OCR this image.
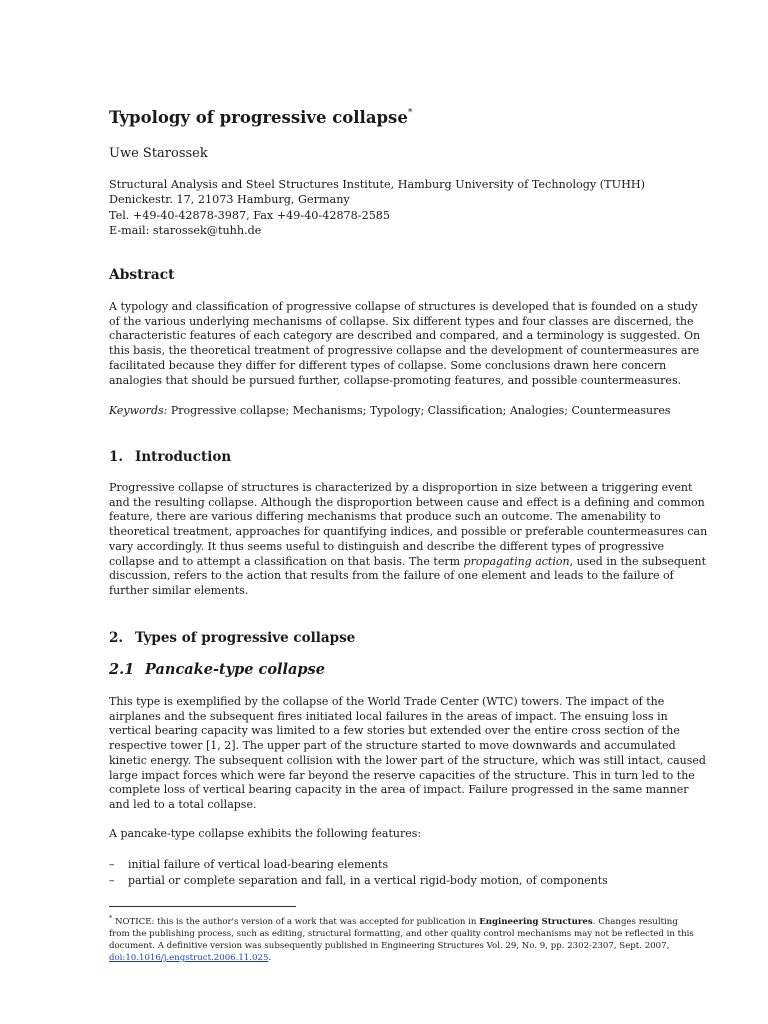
Typology of progressive collapse*
Uwe Starossek
Structural Analysis and Steel Structures Institute, Hamburg University of Technology (TUHH)
Denickestr. 17, 21073 Hamburg, Germany
Tel. +49-40-42878-3987, Fax +49-40-42878-2585
E-mail: starossek@tuhh.de
Abstract
A typology and classification of progressive collapse of structures is developed that is founded on a study
of the various underlying mechanisms of collapse. Six different types and four classes are discerned, the
characteristic features of each category are described and compared, and a terminology is suggested. On
this basis, the theoretical treatment of progressive collapse and the development of countermeasures are
facilitated because they differ for different types of collapse. Some conclusions drawn here concern
analogies that should be pursued further, collapse-promoting features, and possible countermeasures.
Keywords: Progressive collapse; Mechanisms; Typology; Classification; Analogies; Countermeasures
1. Introduction
Progressive collapse of structures is characterized by a disproportion in size between a triggering event
and the resulting collapse. Although the disproportion between cause and effect is a defining and common
feature, there are various differing mechanisms that produce such an outcome. The amenability to
theoretical treatment, approaches for quantifying indices, and possible or preferable countermeasures can
vary accordingly. It thus seems useful to distinguish and describe the different types of progressive
collapse and to attempt a classification on that basis. The term propagating action, used in the subsequent
discussion, refers to the action that results from the failure of one element and leads to the failure of
further similar elements.
2. Types of progressive collapse
2.1 Pancake-type collapse
This type is exemplified by the collapse of the World Trade Center (WTC) towers. The impact of the
airplanes and the subsequent fires initiated local failures in the areas of impact. The ensuing loss in
vertical bearing capacity was limited to a few stories but extended over the entire cross section of the
respective tower [1, 2]. The upper part of the structure started to move downwards and accumulated
kinetic energy. The subsequent collision with the lower part of the structure, which was still intact, caused
large impact forces which were far beyond the reserve capacities of the structure. This in turn led to the
complete loss of vertical bearing capacity in the area of impact. Failure progressed in the same manner
and led to a total collapse.
A pancake-type collapse exhibits the following features:
– initial failure of vertical load-bearing elements
– partial or complete separation and fall, in a vertical rigid-body motion, of components
* NOTICE: this is the author's version of a work that was accepted for publication in Engineering Structures. Changes resulting
from the publishing process, such as editing, structural formatting, and other quality control mechanisms may not be reflected in this
document. A definitive version was subsequently published in Engineering Structures Vol. 29, No. 9, pp. 2302-2307, Sept. 2007,
doi:10.1016/j.engstruct.2006.11.025.
